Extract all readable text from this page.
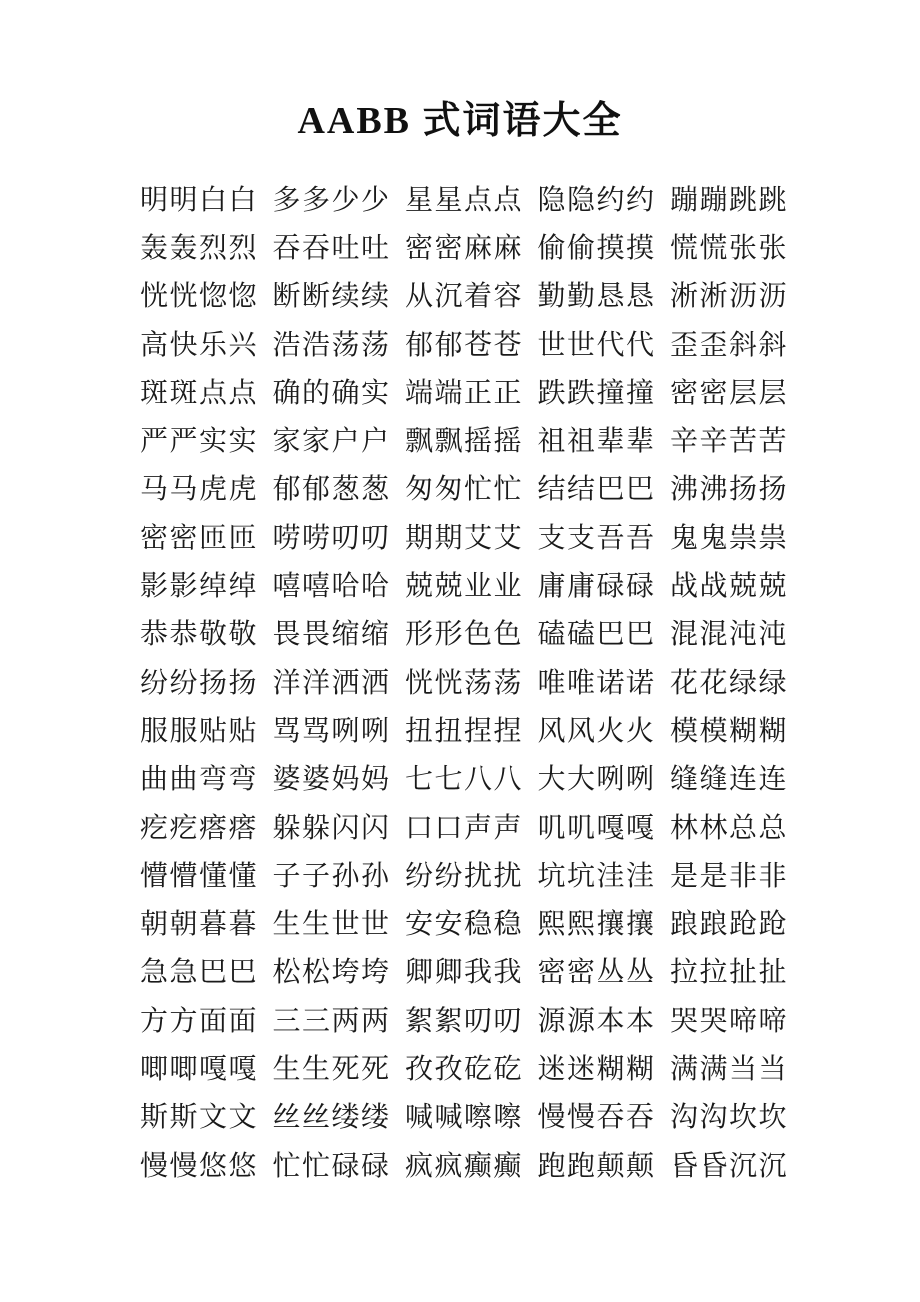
AABB 式词语大全
明明白白 多多少少 星星点点 隐隐约约 蹦蹦跳跳
轰轰烈烈 吞吞吐吐 密密麻麻 偷偷摸摸 慌慌张张
恍恍惚惚 断断续续 从沉着容 勤勤恳恳 淅淅沥沥
高快乐兴 浩浩荡荡 郁郁苍苍 世世代代 歪歪斜斜
斑斑点点 确的确实 端端正正 跌跌撞撞 密密层层
严严实实 家家户户 飘飘摇摇 祖祖辈辈 辛辛苦苦
马马虎虎 郁郁葱葱 匆匆忙忙 结结巴巴 沸沸扬扬
密密匝匝 唠唠叨叨 期期艾艾 支支吾吾 鬼鬼祟祟
影影绰绰 嘻嘻哈哈 兢兢业业 庸庸碌碌 战战兢兢
恭恭敬敬 畏畏缩缩 形形色色 磕磕巴巴 混混沌沌
纷纷扬扬 洋洋洒洒 恍恍荡荡 唯唯诺诺 花花绿绿
服服贴贴 骂骂咧咧 扭扭捏捏 风风火火 模模糊糊
曲曲弯弯 婆婆妈妈 七七八八 大大咧咧 缝缝连连
疙疙瘩瘩 躲躲闪闪 口口声声 叽叽嘎嘎 林林总总
懵懵懂懂 子子孙孙 纷纷扰扰 坑坑洼洼 是是非非
朝朝暮暮 生生世世 安安稳稳 熙熙攘攘 踉踉跄跄
急急巴巴 松松垮垮 卿卿我我 密密丛丛 拉拉扯扯
方方面面 三三两两 絮絮叨叨 源源本本 哭哭啼啼
唧唧嘎嘎 生生死死 孜孜矻矻 迷迷糊糊 满满当当
斯斯文文 丝丝缕缕 喊喊嚓嚓 慢慢吞吞 沟沟坎坎
慢慢悠悠 忙忙碌碌 疯疯癫癫 跑跑颠颠 昏昏沉沉
